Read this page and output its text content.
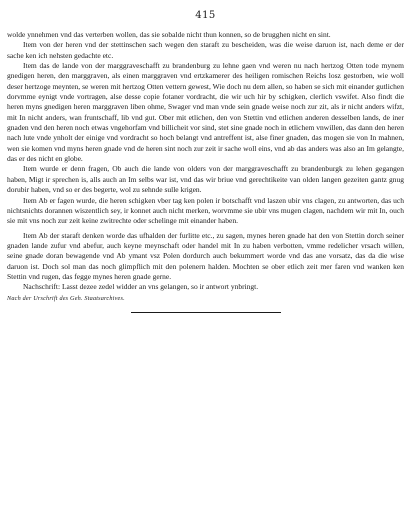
415

wolde ynnehmen vnd das verterben wollen, das sie sobalde nicht thun konnen, so de brugghen nicht en sint.

Item von der heren vnd der stettinschen sach wegen den staraft zu bescheiden, was die weise daruon ist, nach deme er der sache ken ich nehsten gedachte etc.

Item das de lande von der marggraveschafft zu brandenburg zu lehne gaen vnd weren nu nach hertzog Otten tode mynem gnedigen heren, den marggraven, als einen marggraven vnd ertzkamerer des heiligen romischen Reichs losz gestorben, wie woll deser hertzoge meynten, se weren mit hertzog Otten vettern gewest, Wie doch nu dem allen, so haben se sich mit einander gutlichen dorvmme eynigt vnde vortragen, alse desse copie fotaner vordracht, die wir uch hir by schigken, clerlich vswifet. Also findt die heren myns gnedigen heren marggraven liben ohme, Swager vnd man vnde sein gnade weise noch zur zit, als ir nicht anders wifzt, mit In nicht anders, wan fruntschaff, lib vnd gut. Ober mit etlichen, den von Stettin vnd etlichen anderen desselben lands, de iner gnaden vnd den heren noch etwas vngehorfam vnd billicheit vor sind, stet sine gnade noch in etlichem vnwillen, das dann den heren nach lute vnde ynholt der einige vnd vordracht so hoch belangt vnd antreffent ist, alse finer gnaden, das mogen sie von In mahnen, wen sie komen vnd myns heren gnade vnd de heren sint noch zur zeit ir sache woll eins, vnd ab das anders was also an Im gelangte, das er des nicht en globe.

Item wurde er denn fragen, Ob auch die lande von olders von der marggraveschafft zu brandenburgk zu lehen gegangen haben, Migt ir sprechen is, alls auch an Im selbs war ist, vnd das wir briue vnd gerechtikeite van olden langen gezeiten gantz gnug dorubir haben, vnd so er des begerte, wol zu sehnde sulle krigen.

Item Ab er fagen wurde, die heren schigken vber tag ken polen ir botschafft vnd laszen ubir vns clagen, zu antworten, das uch nichtsnichts dorannen wiszentlich sey, ir konnet auch nicht merken, worvmme sie ubir vns mugen clagen, nachdem wir mit In, ouch sie mit vns noch zur zeit keine zwitrechte oder schelinge mit einander haben.

Item Ab der staraft denken worde das ufhalden der furlitte etc., zu sagen, mynes heren gnade hat den von Stettin dorch seiner gnaden lande zufur vnd abefur, auch keyne meynschaft oder handel mit In zu haben verbotten, vmme redelicher vrsach willen, seine gnade doran bewagende vnd Ab ymant vsz Polen dordurch auch bekummert worde vnd das ane vorsatz, das da die wise daruon ist. Doch sol man das noch glimpflich mit den polenern halden. Mochten se ober etlich zeit mer faren vnd wanken ken Stettin vnd rugen, das fegge mynes heren gnade gerne.

Nachschrift: Lasst dezee zedel widder an vns gelangen, so ir antwort ynbringt.

Nach der Urschrift des Geh. Staatsarchives.
